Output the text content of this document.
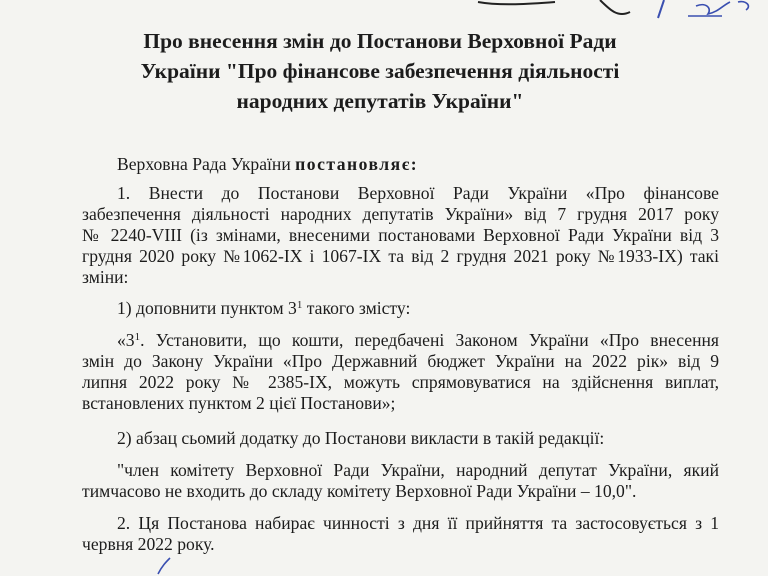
Про внесення змін до Постанови Верховної Ради
України "Про фінансове забезпечення діяльності
народних депутатів України"
Верховна Рада України постановляє:
1. Внести до Постанови Верховної Ради України «Про фінансове
забезпечення діяльності народних депутатів України» від 7 грудня 2017 року
№ 2240-VIII (із змінами, внесеними постановами Верховної Ради України від 3
грудня 2020 року №1062-IX і 1067-IX та від 2 грудня 2021 року №1933-IX) такі
зміни:
1) доповнити пунктом $3^1$ такого змісту:
«$3^1$. Установити, що кошти, передбачені Законом України «Про внесення
змін до Закону України «Про Державний бюджет України на 2022 рік» від 9
липня 2022 року № 2385-IX, можуть спрямовуватися на здійснення виплат,
встановлених пунктом 2 цієї Постанови»;
2) абзац сьомий додатку до Постанови викласти в такій редакції:
"член комітету Верховної Ради України, народний депутат України, який
тимчасово не входить до складу комітету Верховної Ради України – 10,0".
2. Ця Постанова набирає чинності з дня її прийняття та застосовується з 1
червня 2022 року.
